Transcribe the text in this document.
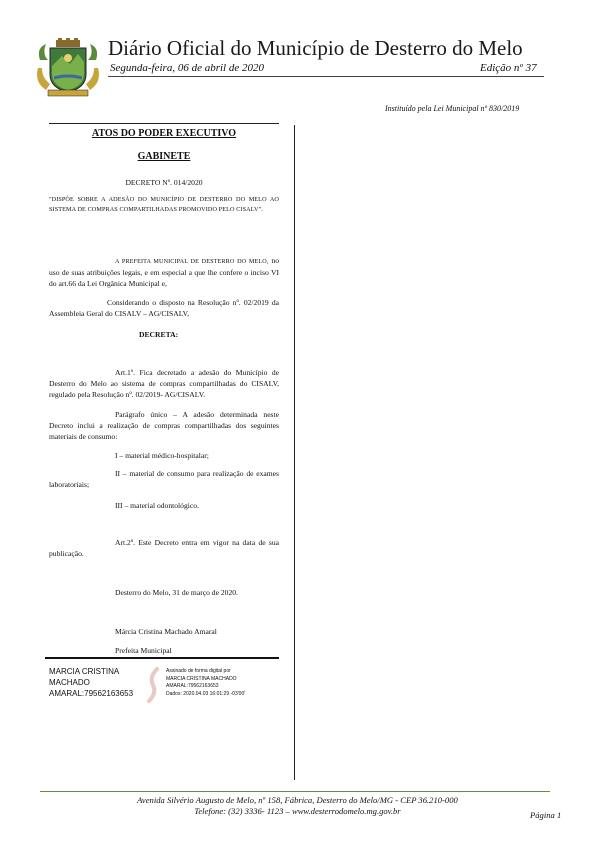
Diário Oficial do Município de Desterro do Melo
Segunda-feira, 06 de abril de 2020	Edição nº 37
Instituído pela Lei Municipal nº 830/2019
ATOS DO PODER EXECUTIVO
GABINETE
DECRETO Nº. 014/2020
"DISPÕE SOBRE A ADESÃO DO MUNICÍPIO DE DESTERRO DO MELO AO SISTEMA DE COMPRAS COMPARTILHADAS PROMOVIDO PELO CISALV".
A PREFEITA MUNICIPAL DE DESTERRO DO MELO, no uso de suas atribuições legais, e em especial a que lhe confere o inciso VI do art.66 da Lei Orgânica Municipal e,
Considerando o disposto na Resolução nº. 02/2019 da Assembleia Geral do CISALV – AG/CISALV,
DECRETA:
Art.1º. Fica decretado a adesão do Município de Desterro do Melo ao sistema de compras compartilhadas do CISALV, regulado pela Resolução nº. 02/2019- AG/CISALV.
Parágrafo único – A adesão determinada neste Decreto inclui a realização de compras compartilhadas dos seguintes materiais de consumo:
I – material médico-hospitalar;
II – material de consumo para realização de exames laboratoriais;
III – material odontológico.
Art.2º. Este Decreto entra em vigor na data de sua publicação.
Desterro do Melo, 31 de março de 2020.
Márcia Cristina Machado Amaral
Prefeita Municipal
MARCIA CRISTINA
MACHADO
AMARAL:79562163653
Assinado de forma digital por
MARCIA CRISTINA MACHADO
AMARAL:79562163653
Dados: 2020.04.03 16:01:29 -03'00'
Avenida Silvério Augusto de Melo, nº 158, Fábrica, Desterro do Melo/MG - CEP 36.210-000
Telefone: (32) 3336- 1123 – www.desterrodomelo.mg.gov.br	Página 1
